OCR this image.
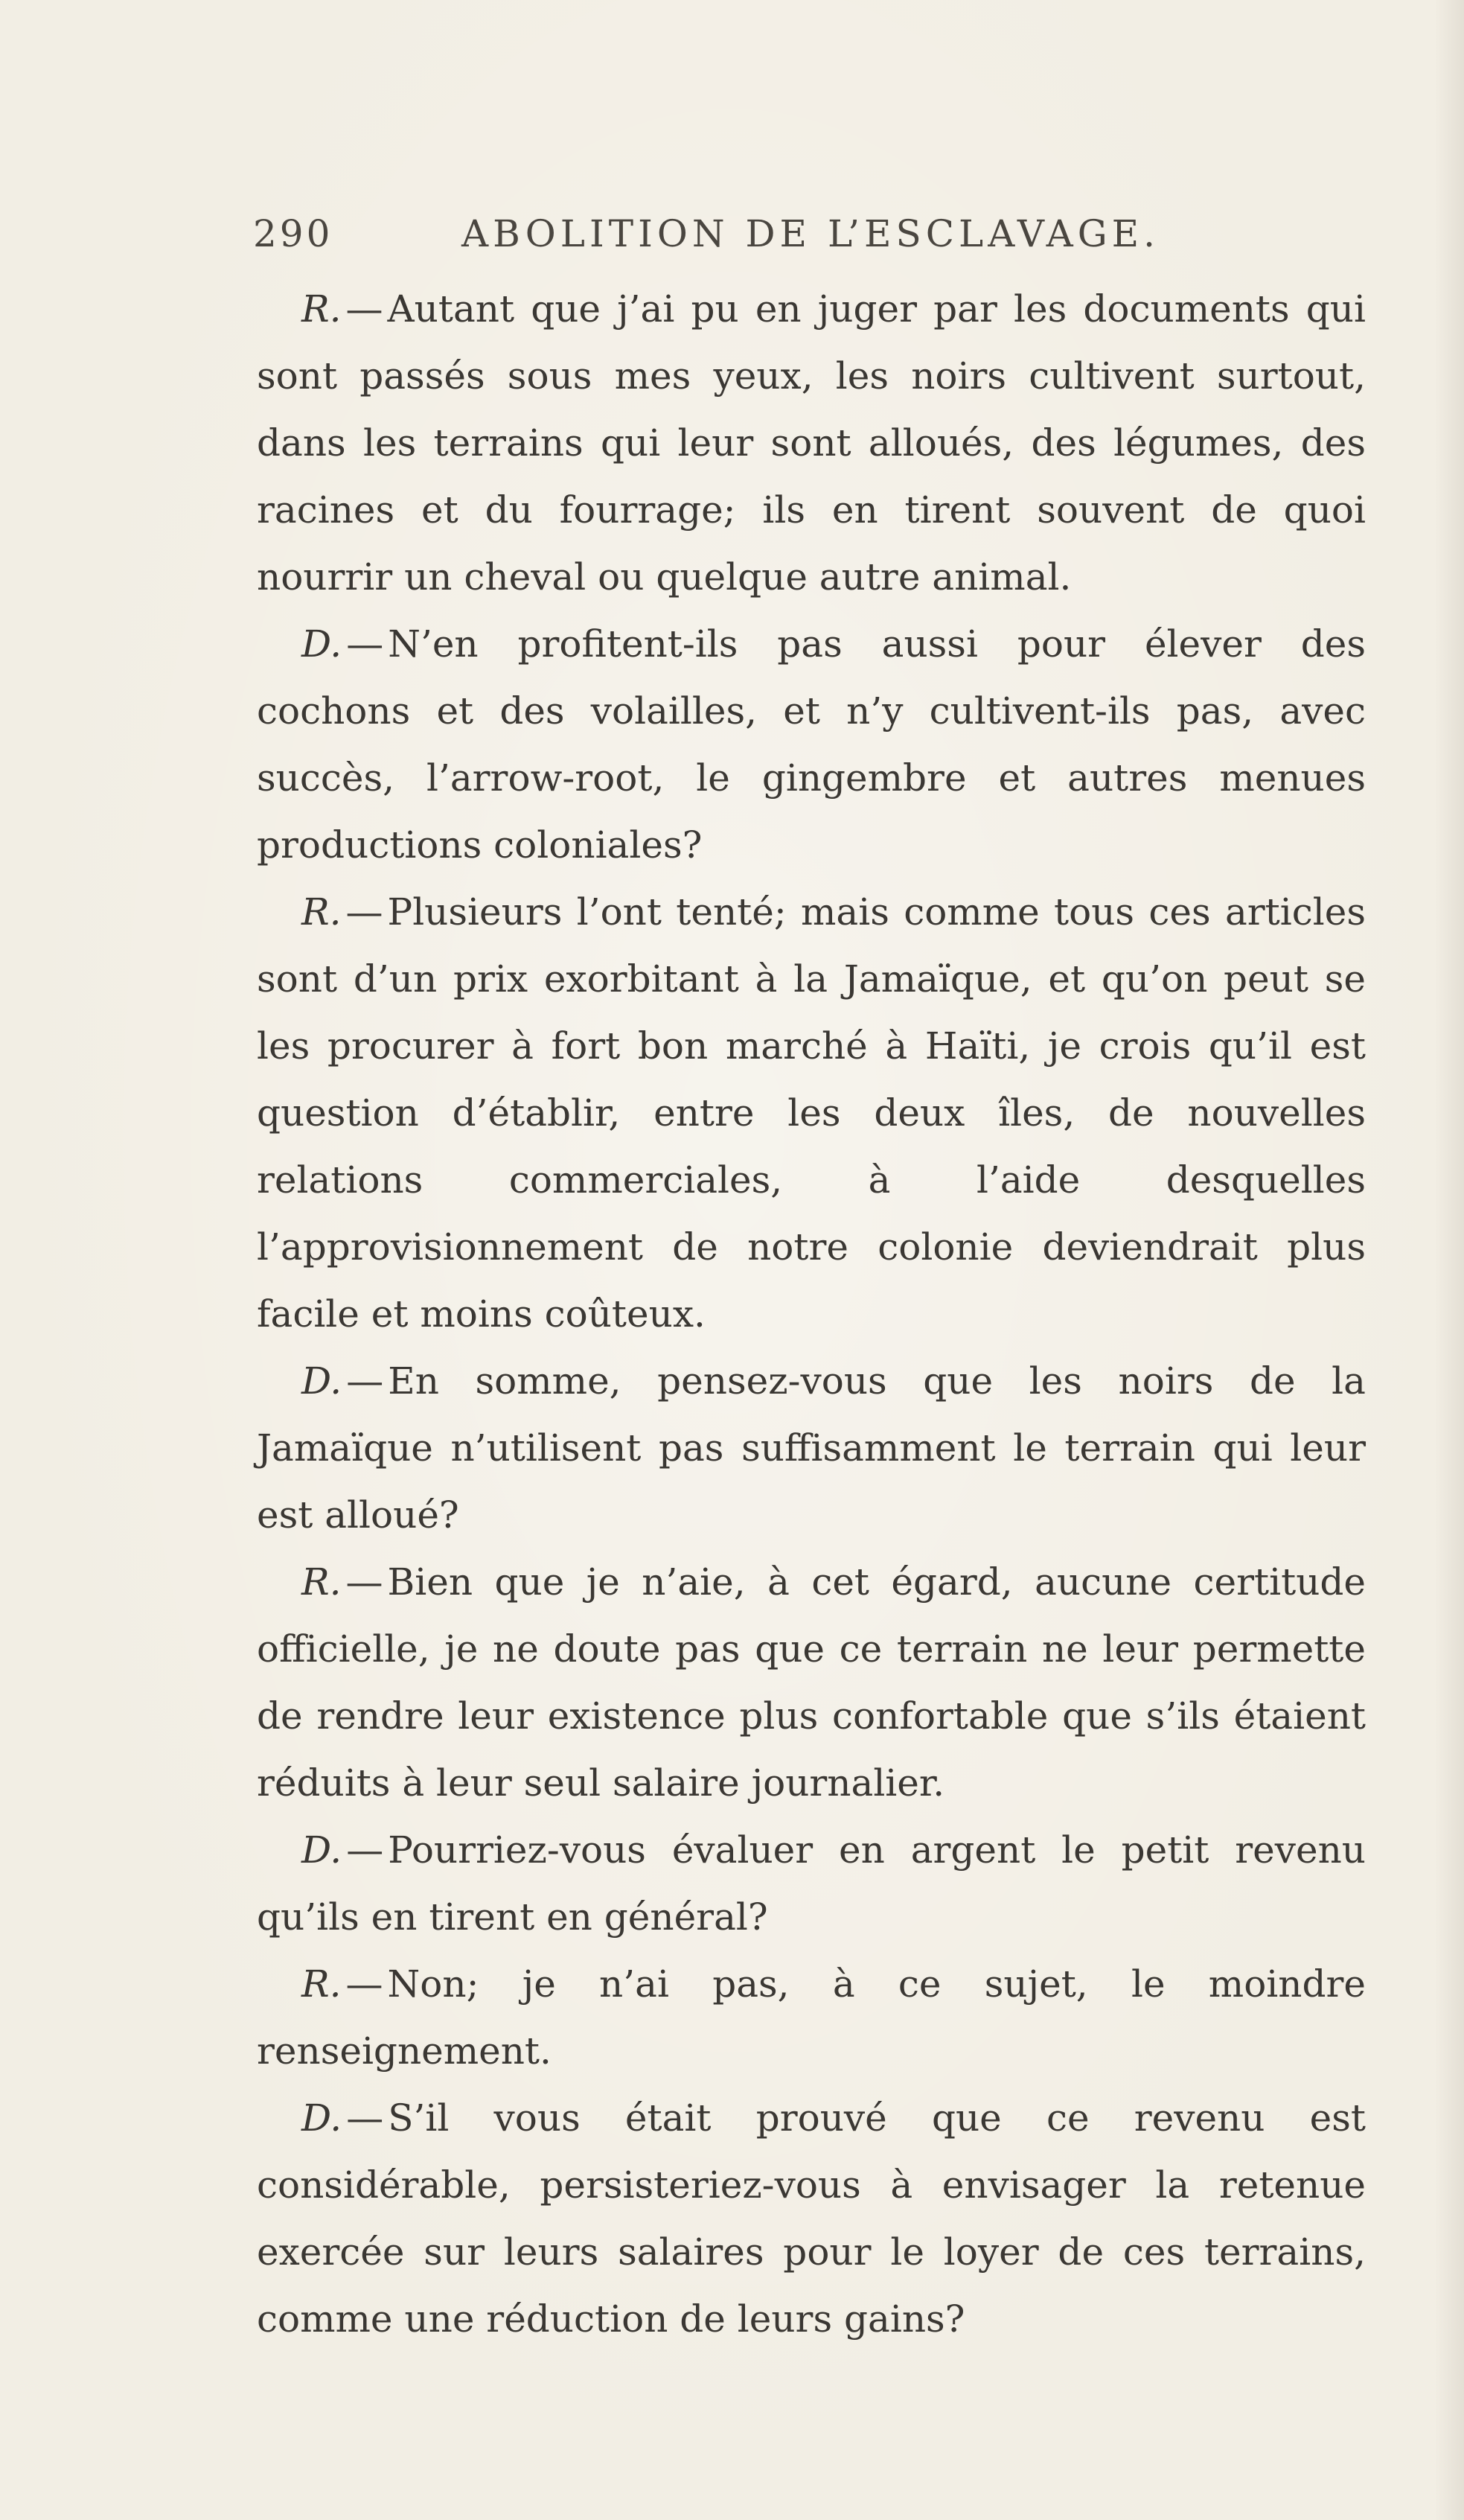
290	ABOLITION DE L’ESCLAVAGE.

R. — Autant que j’ai pu en juger par les documents qui sont passés sous mes yeux, les noirs cultivent surtout, dans les terrains qui leur sont alloués, des légumes, des racines et du fourrage; ils en tirent souvent de quoi nourrir un cheval ou quelque autre animal.

D. — N’en profitent-ils pas aussi pour élever des cochons et des volailles, et n’y cultivent-ils pas, avec succès, l’arrow-root, le gingembre et autres menues productions coloniales?

R. — Plusieurs l’ont tenté; mais comme tous ces articles sont d’un prix exorbitant à la Jamaïque, et qu’on peut se les procurer à fort bon marché à Haïti, je crois qu’il est question d’établir, entre les deux îles, de nouvelles relations commerciales, à l’aide desquelles l’approvisionnement de notre colonie deviendrait plus facile et moins coûteux.

D. — En somme, pensez-vous que les noirs de la Jamaïque n’utilisent pas suffisamment le terrain qui leur est alloué?

R. — Bien que je n’aie, à cet égard, aucune certitude officielle, je ne doute pas que ce terrain ne leur permette de rendre leur existence plus confortable que s’ils étaient réduits à leur seul salaire journalier.

D. — Pourriez-vous évaluer en argent le petit revenu qu’ils en tirent en général?

R. — Non; je n’ai pas, à ce sujet, le moindre renseignement.

D. — S’il vous était prouvé que ce revenu est considérable, persisteriez-vous à envisager la retenue exercée sur leurs salaires pour le loyer de ces terrains, comme une réduction de leurs gains?
